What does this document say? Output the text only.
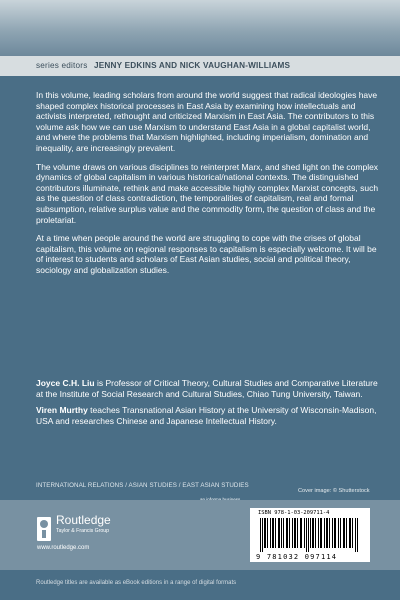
series editors JENNY EDKINS AND NICK VAUGHAN-WILLIAMS

In this volume, leading scholars from around the world suggest that radical ideologies have shaped complex historical processes in East Asia by examining how intellectuals and activists interpreted, rethought and criticized Marxism in East Asia. The contributors to this volume ask how we can use Marxism to understand East Asia in a global capitalist world, and where the problems that Marxism highlighted, including imperialism, domination and inequality, are increasingly prevalent.

The volume draws on various disciplines to reinterpret Marx, and shed light on the complex dynamics of global capitalism in various historical/national contexts. The distinguished contributors illuminate, rethink and make accessible highly complex Marxist concepts, such as the question of class contradiction, the temporalities of capitalism, real and formal subsumption, relative surplus value and the commodity form, the question of class and the proletariat.

At a time when people around the world are struggling to cope with the crises of global capitalism, this volume on regional responses to capitalism is especially welcome. It will be of interest to students and scholars of East Asian studies, social and political theory, sociology and globalization studies.

Joyce C.H. Liu is Professor of Critical Theory, Cultural Studies and Comparative Literature at the Institute of Social Research and Cultural Studies, Chiao Tung University, Taiwan.

Viren Murthy teaches Transnational Asian History at the University of Wisconsin-Madison, USA and researches Chinese and Japanese Intellectual History.

INTERNATIONAL RELATIONS / ASIAN STUDIES / EAST ASIAN STUDIES
Cover image: © Shutterstock
Routledge
Taylor & Francis Group
www.routledge.com
ISBN 978-1-03-209711-4
9 781032 097114
Routledge titles are available as eBook editions in a range of digital formats
